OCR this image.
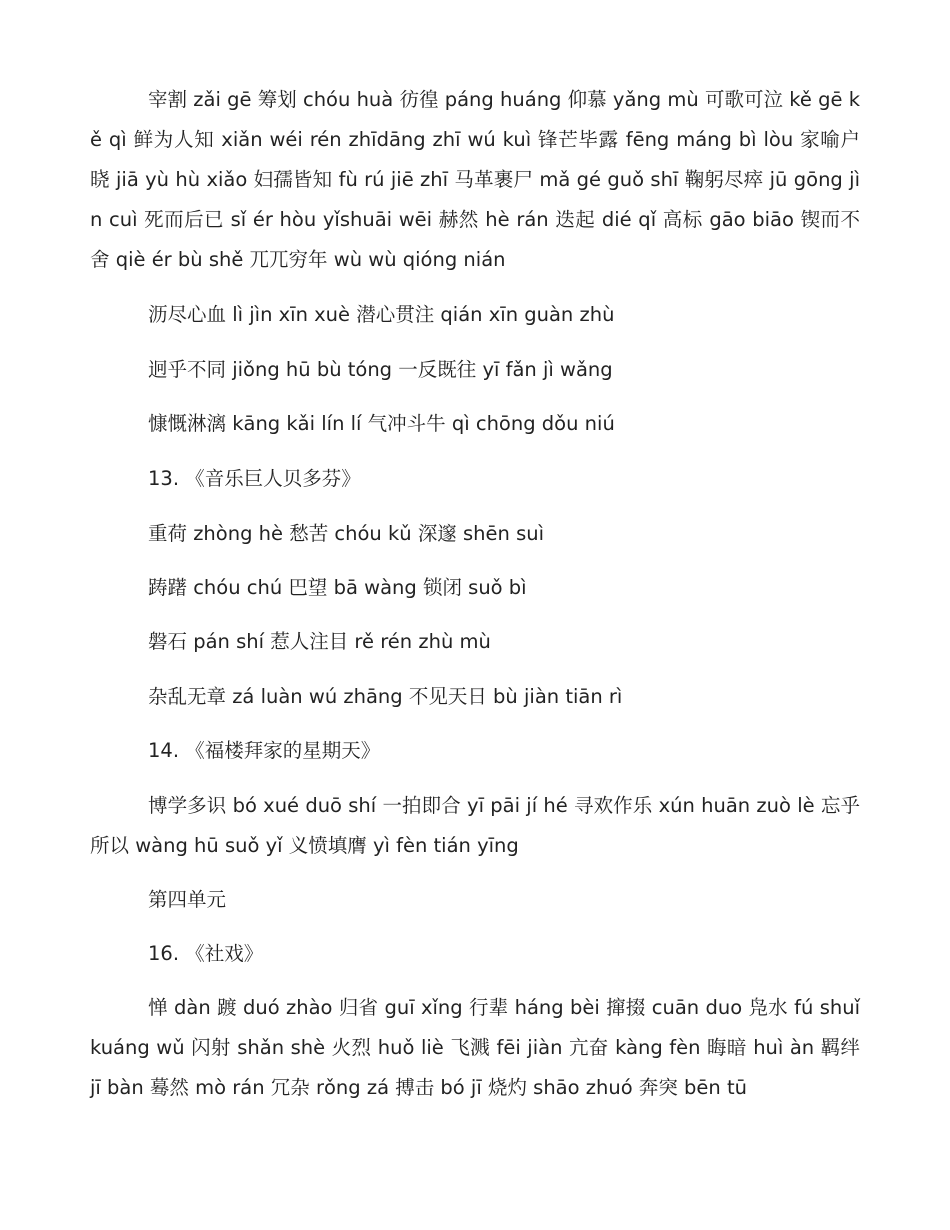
宰割 zǎi gē 筹划 chóu huà 彷徨 páng huáng 仰慕 yǎng mù 可歌可泣 kě gē kě qì 鲜为人知 xiǎn wéi rén zhīdāng zhī wú kuì 锋芒毕露 fēng máng bì lòu 家喻户晓 jiā yù hù xiǎo 妇孺皆知 fù rú jiē zhī 马革裹尸 mǎ gé guǒ shī 鞠躬尽瘁 jū gōng jìn cuì 死而后已 sǐ ér hòu yǐshuāi wēi 赫然 hè rán 迭起 dié qǐ 高标 gāo biāo 锲而不舍 qiè ér bù shě 兀兀穷年 wù wù qióng nián

沥尽心血 lì jìn xīn xuè 潜心贯注 qián xīn guàn zhù

迥乎不同 jiǒng hū bù tóng 一反既往 yī fǎn jì wǎng

慷慨淋漓 kāng kǎi lín lí 气冲斗牛 qì chōng dǒu niú

13. 《音乐巨人贝多芬》

重荷 zhòng hè 愁苦 chóu kǔ 深邃 shēn suì

踌躇 chóu chú 巴望 bā wàng 锁闭 suǒ bì

磐石 pán shí 惹人注目 rě rén zhù mù

杂乱无章 zá luàn wú zhāng 不见天日 bù jiàn tiān rì

14. 《福楼拜家的星期天》

博学多识 bó xué duō shí 一拍即合 yī pāi jí hé 寻欢作乐 xún huān zuò lè 忘乎所以 wàng hū suǒ yǐ 义愤填膺 yì fèn tián yīng

第四单元

16. 《社戏》

惮 dàn 踱 duó zhào 归省 guī xǐng 行辈 háng bèi 撺掇 cuān duo 凫水 fú shuǐkuáng wǔ 闪射 shǎn shè 火烈 huǒ liè 飞溅 fēi jiàn 亢奋 kàng fèn 晦暗 huì àn 羁绊 jī bàn 蓦然 mò rán 冗杂 rǒng zá 搏击 bó jī 烧灼 shāo zhuó 奔突 bēn tū
